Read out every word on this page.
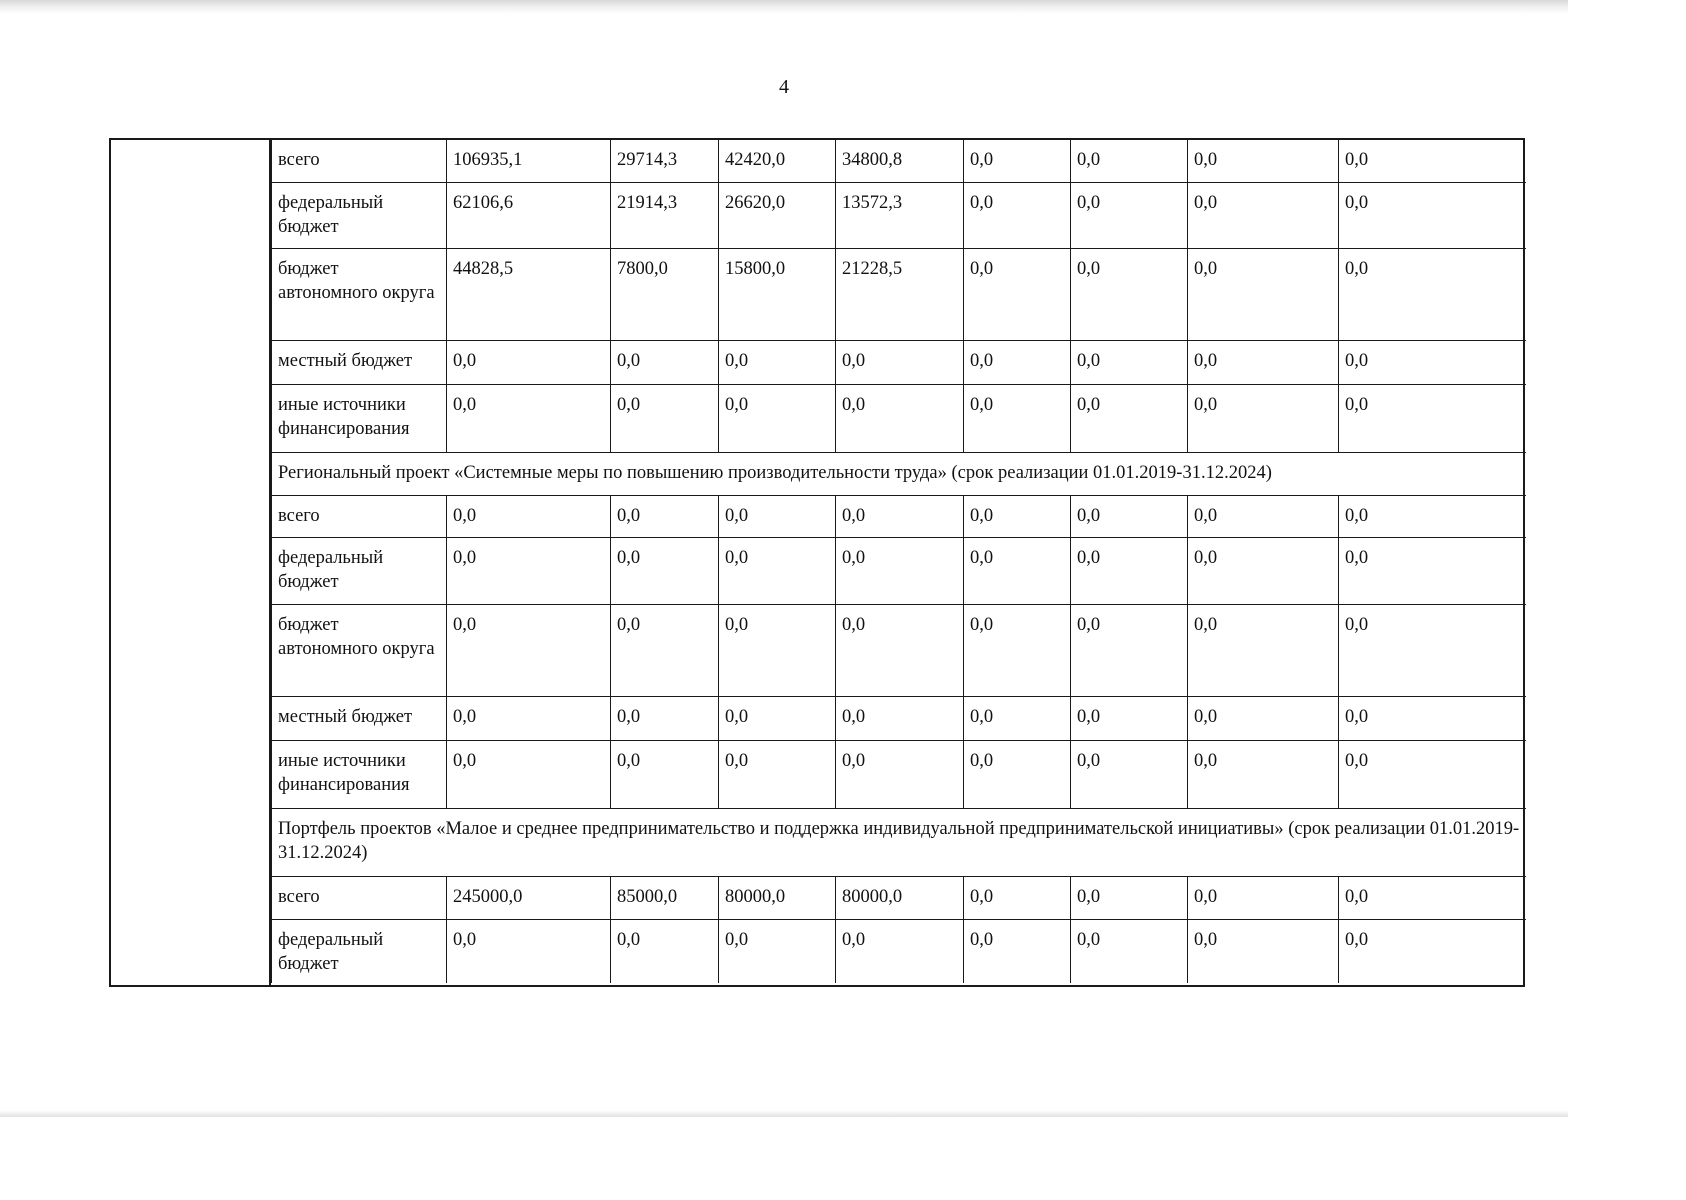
4
всего	106935,1	29714,3	42420,0	34800,8	0,0	0,0	0,0	0,0
федеральный бюджет	62106,6	21914,3	26620,0	13572,3	0,0	0,0	0,0	0,0
бюджет автономного округа	44828,5	7800,0	15800,0	21228,5	0,0	0,0	0,0	0,0
местный бюджет	0,0	0,0	0,0	0,0	0,0	0,0	0,0	0,0
иные источники финансирования	0,0	0,0	0,0	0,0	0,0	0,0	0,0	0,0
Региональный проект «Системные меры по повышению производительности труда» (срок реализации 01.01.2019-31.12.2024)								
всего	0,0	0,0	0,0	0,0	0,0	0,0	0,0	0,0
федеральный бюджет	0,0	0,0	0,0	0,0	0,0	0,0	0,0	0,0
бюджет автономного округа	0,0	0,0	0,0	0,0	0,0	0,0	0,0	0,0
местный бюджет	0,0	0,0	0,0	0,0	0,0	0,0	0,0	0,0
иные источники финансирования	0,0	0,0	0,0	0,0	0,0	0,0	0,0	0,0
Портфель проектов «Малое и среднее предпринимательство и поддержка индивидуальной предпринимательской инициативы» (срок реализации 01.01.2019-31.12.2024)								
всего	245000,0	85000,0	80000,0	80000,0	0,0	0,0	0,0	0,0
федеральный бюджет	0,0	0,0	0,0	0,0	0,0	0,0	0,0	0,0
